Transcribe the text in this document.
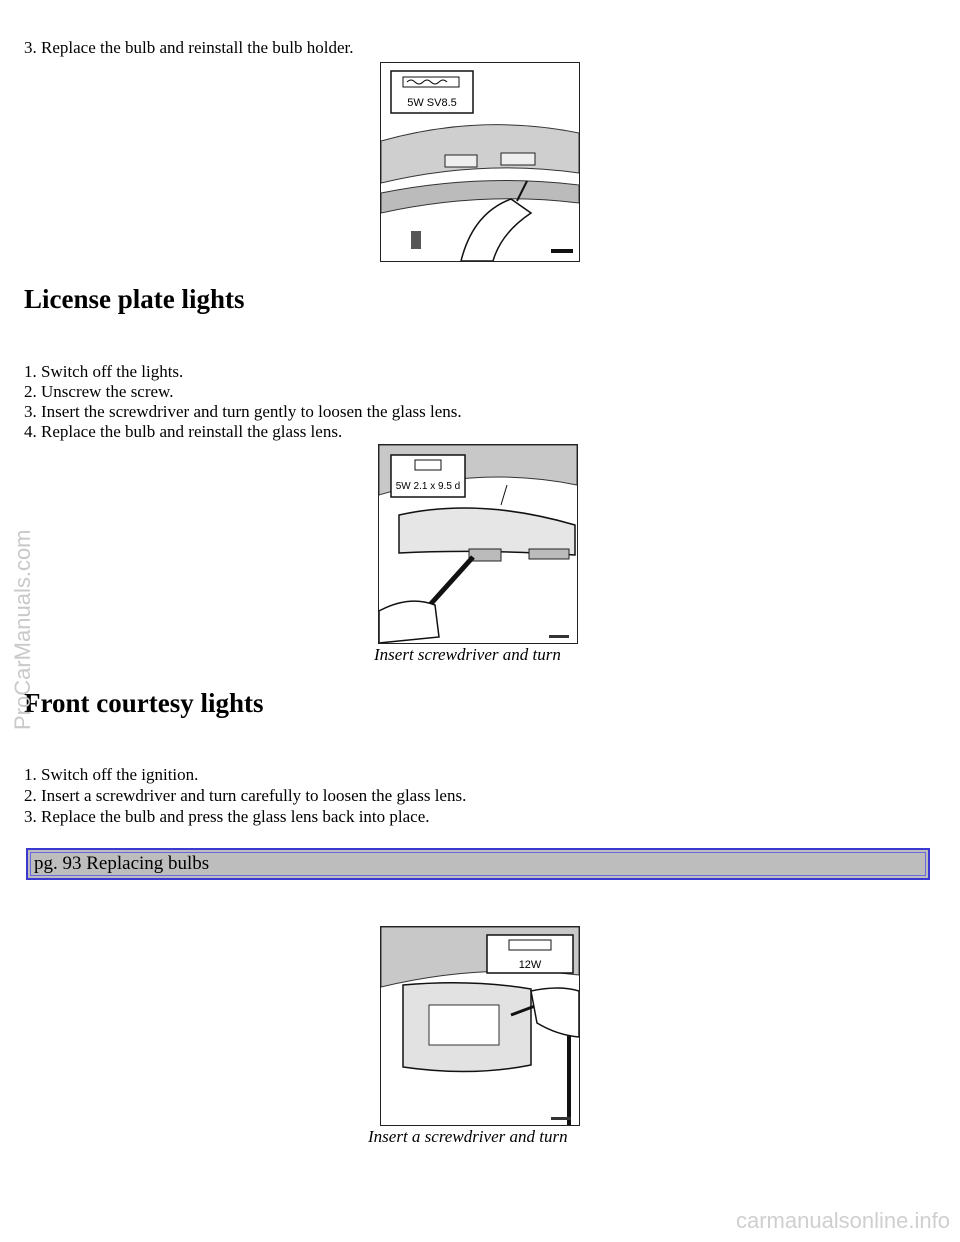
3. Replace the bulb and reinstall the bulb holder.
5W SV8.5
License plate lights
1. Switch off the lights.
2. Unscrew the screw.
3. Insert the screwdriver and turn gently to loosen the glass lens.
4. Replace the bulb and reinstall the glass lens.
5W 2.1 x 9.5 d
Insert screwdriver and turn
Front courtesy lights
1. Switch off the ignition.
2. Insert a screwdriver and turn carefully to loosen the glass lens.
3. Replace the bulb and press the glass lens back into place.
pg. 93 Replacing bulbs
12W
Insert a screwdriver and turn
ProCarManuals.com
carmanualsonline.info
